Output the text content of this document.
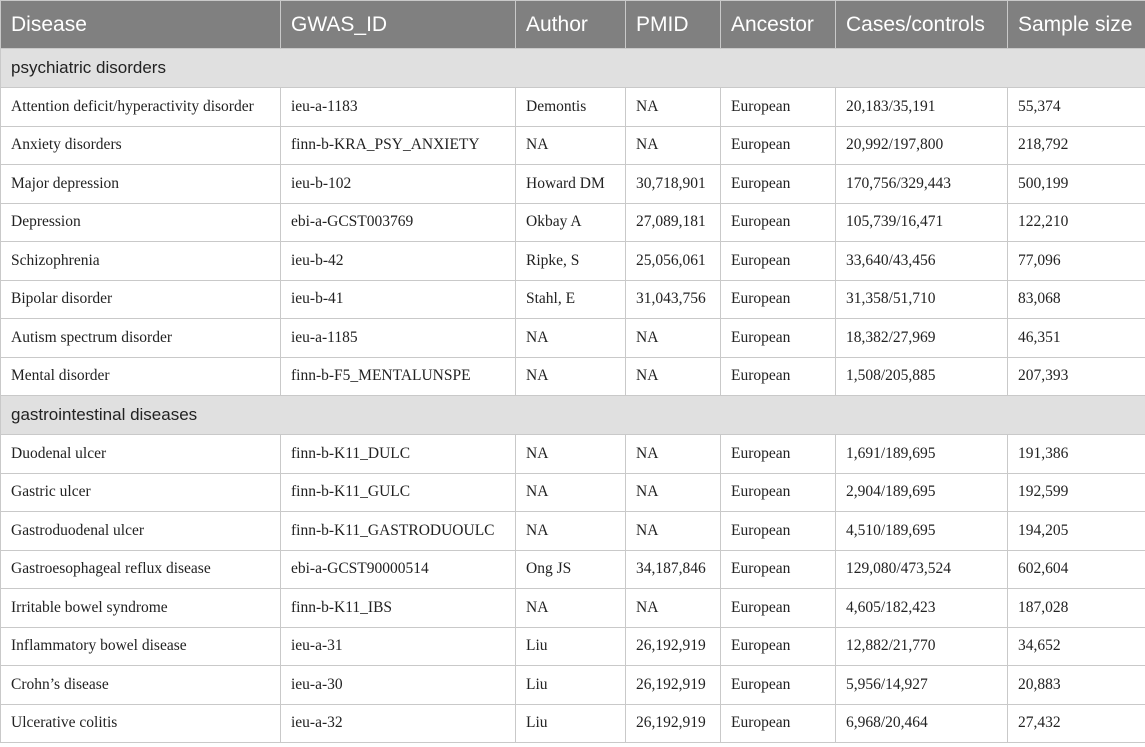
Disease	GWAS_ID	Author	PMID	Ancestor	Cases/controls	Sample size
psychiatric disorders						
Attention deficit/hyperactivity disorder	ieu-a-1183	Demontis	NA	European	20,183/35,191	55,374
Anxiety disorders	finn-b-KRA_PSY_ANXIETY	NA	NA	European	20,992/197,800	218,792
Major depression	ieu-b-102	Howard DM	30,718,901	European	170,756/329,443	500,199
Depression	ebi-a-GCST003769	Okbay A	27,089,181	European	105,739/16,471	122,210
Schizophrenia	ieu-b-42	Ripke, S	25,056,061	European	33,640/43,456	77,096
Bipolar disorder	ieu-b-41	Stahl, E	31,043,756	European	31,358/51,710	83,068
Autism spectrum disorder	ieu-a-1185	NA	NA	European	18,382/27,969	46,351
Mental disorder	finn-b-F5_MENTALUNSPE	NA	NA	European	1,508/205,885	207,393
gastrointestinal diseases						
Duodenal ulcer	finn-b-K11_DULC	NA	NA	European	1,691/189,695	191,386
Gastric ulcer	finn-b-K11_GULC	NA	NA	European	2,904/189,695	192,599
Gastroduodenal ulcer	finn-b-K11_GASTRODUOULC	NA	NA	European	4,510/189,695	194,205
Gastroesophageal reflux disease	ebi-a-GCST90000514	Ong JS	34,187,846	European	129,080/473,524	602,604
Irritable bowel syndrome	finn-b-K11_IBS	NA	NA	European	4,605/182,423	187,028
Inflammatory bowel disease	ieu-a-31	Liu	26,192,919	European	12,882/21,770	34,652
Crohn’s disease	ieu-a-30	Liu	26,192,919	European	5,956/14,927	20,883
Ulcerative colitis	ieu-a-32	Liu	26,192,919	European	6,968/20,464	27,432
